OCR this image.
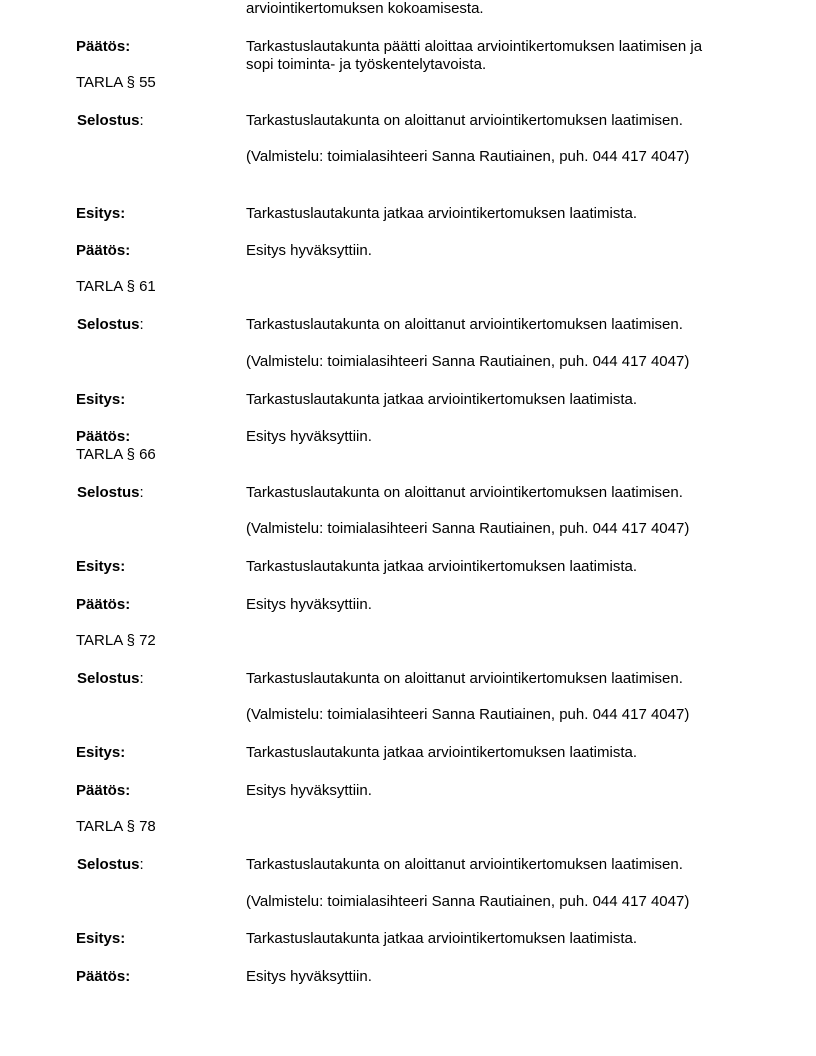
arviointikertomuksen kokoamisesta.
Päätös:	Tarkastuslautakunta päätti aloittaa arviointikertomuksen laatimisen ja
sopi toiminta- ja työskentelytavoista.
TARLA § 55
Selostus:	Tarkastuslautakunta on aloittanut arviointikertomuksen laatimisen.
(Valmistelu: toimialasihteeri Sanna Rautiainen, puh. 044 417 4047)
Esitys:	Tarkastuslautakunta jatkaa arviointikertomuksen laatimista.
Päätös:	Esitys hyväksyttiin.
TARLA § 61
Selostus:	Tarkastuslautakunta on aloittanut arviointikertomuksen laatimisen.
(Valmistelu: toimialasihteeri Sanna Rautiainen, puh. 044 417 4047)
Esitys:	Tarkastuslautakunta jatkaa arviointikertomuksen laatimista.
Päätös:	Esitys hyväksyttiin.
TARLA § 66
Selostus:	Tarkastuslautakunta on aloittanut arviointikertomuksen laatimisen.
(Valmistelu: toimialasihteeri Sanna Rautiainen, puh. 044 417 4047)
Esitys:	Tarkastuslautakunta jatkaa arviointikertomuksen laatimista.
Päätös:	Esitys hyväksyttiin.
TARLA § 72
Selostus:	Tarkastuslautakunta on aloittanut arviointikertomuksen laatimisen.
(Valmistelu: toimialasihteeri Sanna Rautiainen, puh. 044 417 4047)
Esitys:	Tarkastuslautakunta jatkaa arviointikertomuksen laatimista.
Päätös:	Esitys hyväksyttiin.
TARLA § 78
Selostus:	Tarkastuslautakunta on aloittanut arviointikertomuksen laatimisen.
(Valmistelu: toimialasihteeri Sanna Rautiainen, puh. 044 417 4047)
Esitys:	Tarkastuslautakunta jatkaa arviointikertomuksen laatimista.
Päätös:	Esitys hyväksyttiin.
